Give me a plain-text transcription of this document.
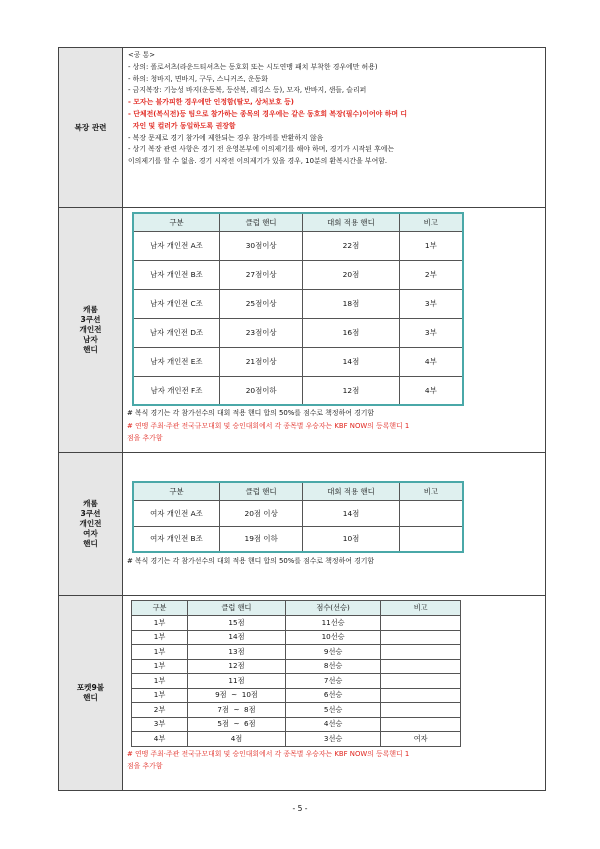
복장 관련	
<공 통>
- 상의: 폴로셔츠(라운드티셔츠는 동호회 또는 시도연맹 패치 부착한 경우에만 허용)
- 하의: 청바지, 면바지, 구두, 스니커즈, 운동화
- 금지복장: 기능성 바지(운동복, 등산복, 레깅스 등), 모자, 반바지, 샌들, 슬리퍼
- 모자는 불가피한 경우에만 인정함(탈모, 상처보호 등)
- 단체전(복식전)등 팀으로 참가하는 종목의 경우에는 같은 동호회 복장(필수)이어야 하며 디
자인 및 컬러가 동일하도록 권장함
- 복장 문제로 경기 참가에 제한되는 경우 참가비를 반환하지 않음
- 상기 복장 관련 사항은 경기 전 운영본부에 이의제기를 해야 하며, 경기가 시작된 후에는
이의제기를 할 수 없음. 경기 시작전 이의제기가 있을 경우, 10분의 환복시간을 부여함.

캐롬
3쿠션
개인전
남자
핸디

구분	클럽 핸디	대회 적용 핸디	비고
남자 개인전 A조	30점이상	22점	1부
남자 개인전 B조	27점이상	20점	2부
남자 개인전 C조	25점이상	18점	3부
남자 개인전 D조	23점이상	16점	3부
남자 개인전 E조	21점이상	14점	4부
남자 개인전 F조	20점이하	12점	4부
# 복식 경기는 각 참가선수의 대회 적용 핸디 합의 50%를 점수로 책정하여 경기함
# 연맹 주최·주관 전국규모대회 및 승인대회에서 각 종목별 우승자는 KBF NOW의 등록핸디 1
점을 추가함

캐롬
3쿠션
개인전
여자
핸디

구분	클럽 핸디	대회 적용 핸디	비고
여자 개인전 A조	20점 이상	14점	
여자 개인전 B조	19점 이하	10점	
# 복식 경기는 각 참가선수의 대회 적용 핸디 합의 50%를 점수로 책정하여 경기함

포켓9볼
핸디

구분	클럽 핸디	점수(선승)	비고
1부	15점	11선승	
1부	14점	10선승	
1부	13점	9선승	
1부	12점	8선승	
1부	11점	7선승	
1부	9점  ~  10점	6선승	
2부	7점  ~  8점	5선승	
3부	5점  ~  6점	4선승	
4부	4점	3선승	여자
# 연맹 주최·주관 전국규모대회 및 승인대회에서 각 종목별 우승자는 KBF NOW의 등록핸디 1
점을 추가함
- 5 -
